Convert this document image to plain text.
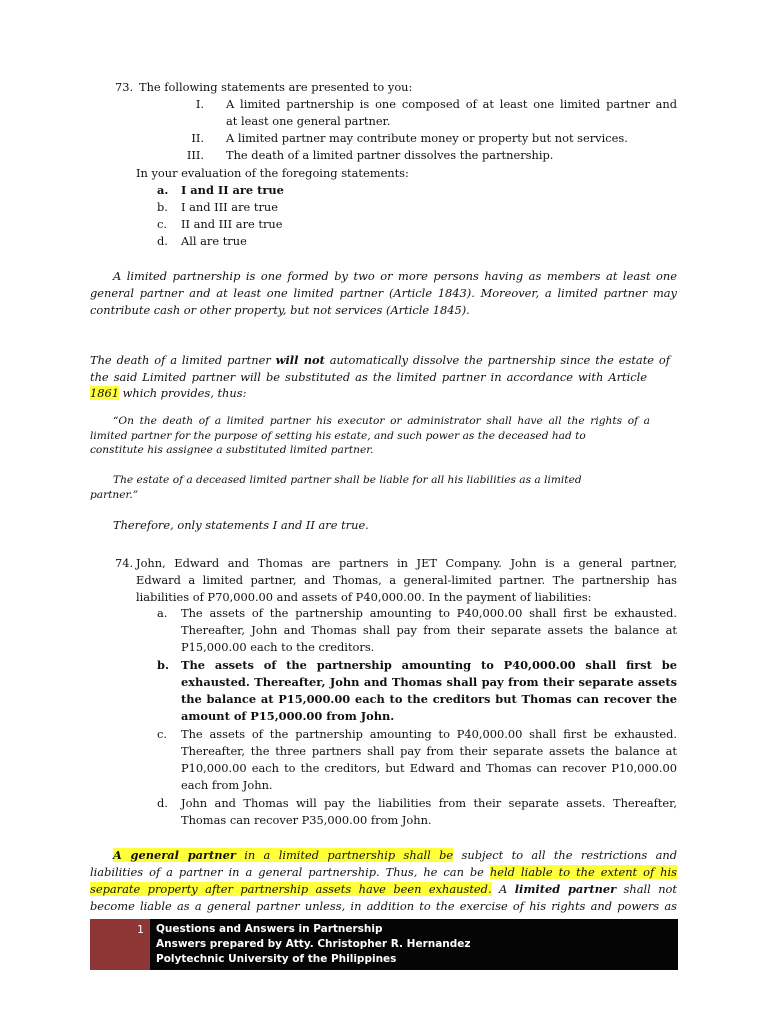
73. The following statements are presented to you:
I. A limited partnership is one composed of at least one limited partner and
at least one general partner.
II. A limited partner may contribute money or property but not services.
III. The death of a limited partner dissolves the partnership.
In your evaluation of the foregoing statements:
a. I and II are true
b. I and III are true
c. II and III are true
d. All are true
A limited partnership is one formed by two or more persons having as members at least one
general partner and at least one limited partner (Article 1843). Moreover, a limited partner may
contribute cash or other property, but not services (Article 1845).
The death of a limited partner will not automatically dissolve the partnership since the estate of
the said Limited partner will be substituted as the limited partner in accordance with Article
1861 which provides, thus:
“On the death of a limited partner his executor or administrator shall have all the rights of a
limited partner for the purpose of setting his estate, and such power as the deceased had to
constitute his assignee a substituted limited partner.
The estate of a deceased limited partner shall be liable for all his liabilities as a limited
partner.”
Therefore, only statements I and II are true.
74. John, Edward and Thomas are partners in JET Company. John is a general partner,
Edward a limited partner, and Thomas, a general-limited partner. The partnership has
liabilities of P70,000.00 and assets of P40,000.00. In the payment of liabilities:
a. The assets of the partnership amounting to P40,000.00 shall first be exhausted.
Thereafter, John and Thomas shall pay from their separate assets the balance at
P15,000.00 each to the creditors.
b. The assets of the partnership amounting to P40,000.00 shall first be
exhausted. Thereafter, John and Thomas shall pay from their separate assets
the balance at P15,000.00 each to the creditors but Thomas can recover the
amount of P15,000.00 from John.
c. The assets of the partnership amounting to P40,000.00 shall first be exhausted.
Thereafter, the three partners shall pay from their separate assets the balance at
P10,000.00 each to the creditors, but Edward and Thomas can recover P10,000.00
each from John.
d. John and Thomas will pay the liabilities from their separate assets. Thereafter,
Thomas can recover P35,000.00 from John.
A general partner in a limited partnership shall be subject to all the restrictions and
liabilities of a partner in a general partnership. Thus, he can be held liable to the extent of his
separate property after partnership assets have been exhausted. A limited partner shall not
become liable as a general partner unless, in addition to the exercise of his rights and powers as
1	Questions and Answers in Partnership
Answers prepared by Atty. Christopher R. Hernandez
Polytechnic University of the Philippines
